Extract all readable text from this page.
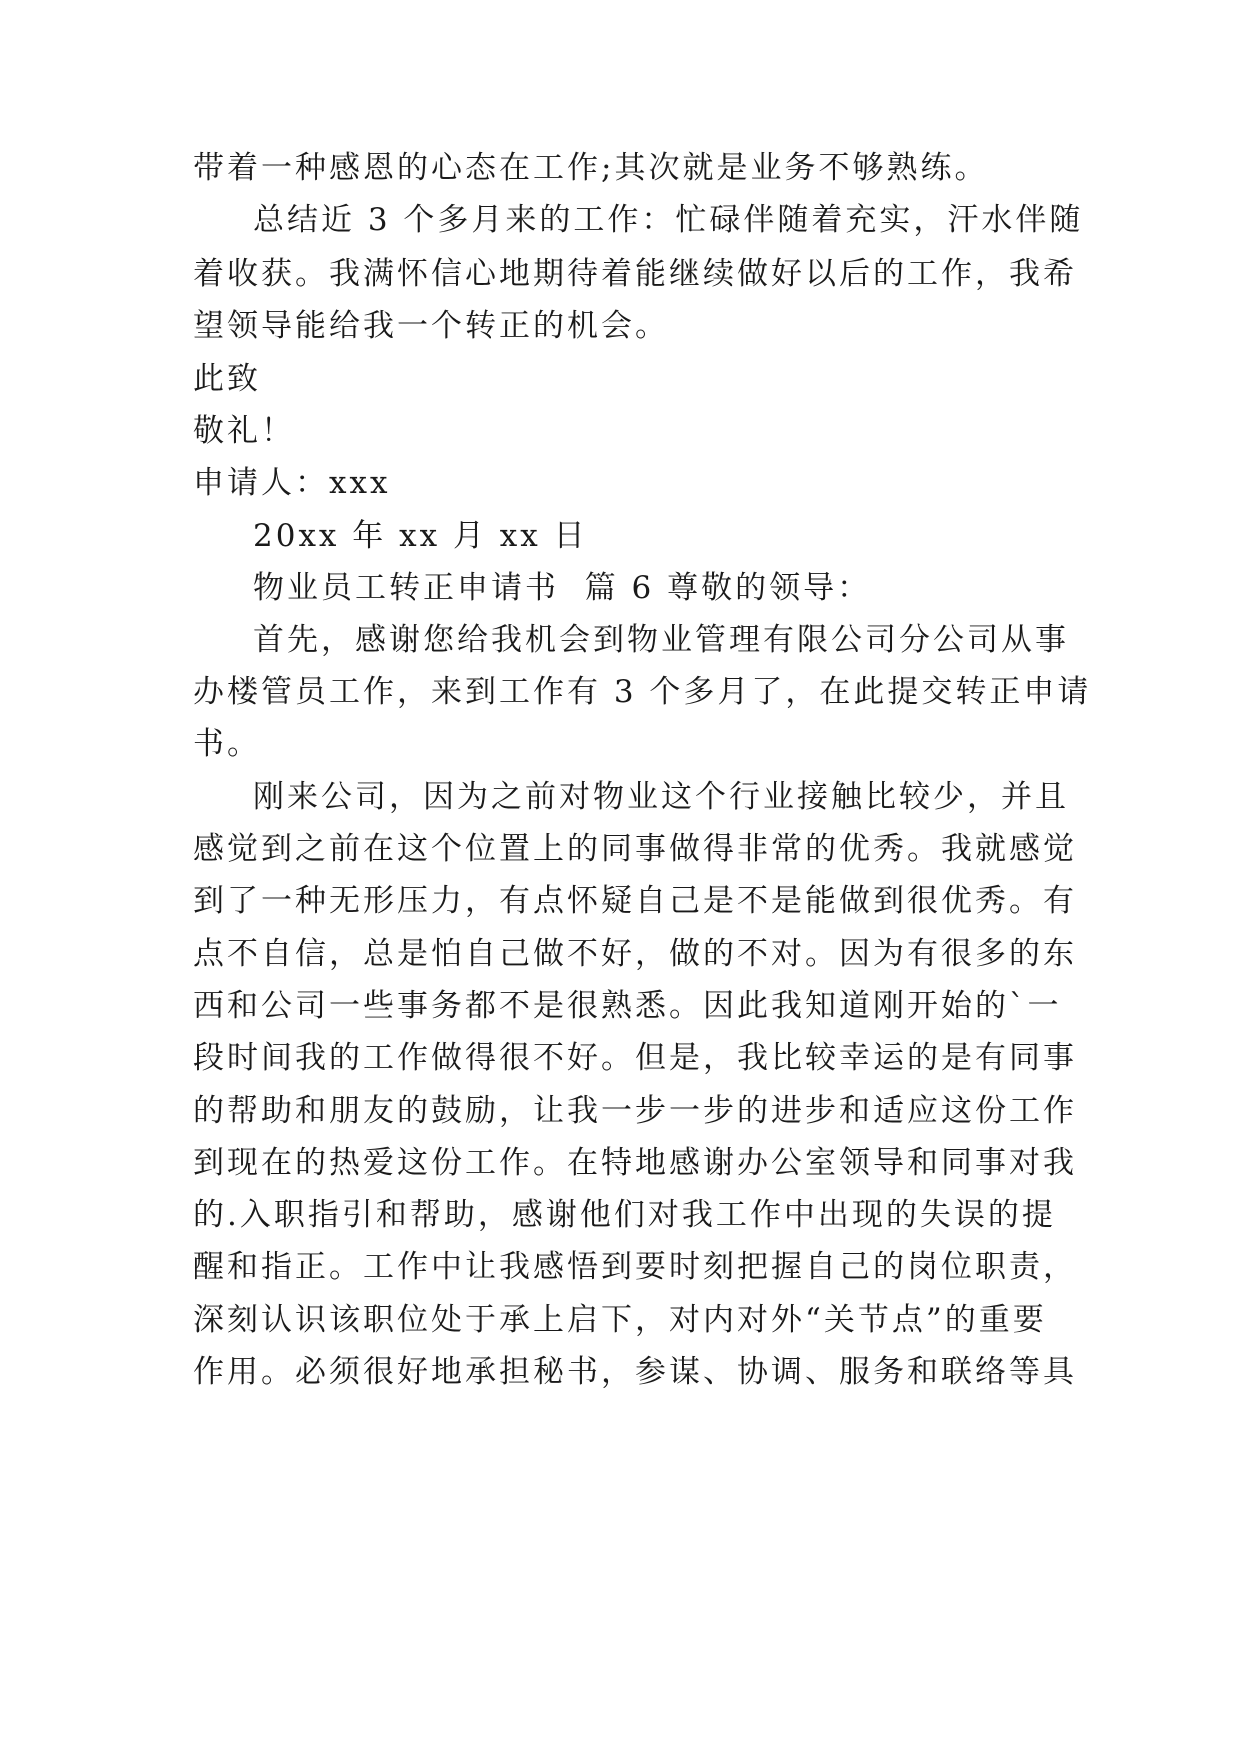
带着一种感恩的心态在工作;其次就是业务不够熟练。
总结近 3 个多月来的工作：忙碌伴随着充实，汗水伴随
着收获。我满怀信心地期待着能继续做好以后的工作，我希
望领导能给我一个转正的机会。
此致
敬礼！
申请人：xxx
20xx 年 xx 月 xx 日
物业员工转正申请书  篇 6 尊敬的领导：
首先，感谢您给我机会到物业管理有限公司分公司从事
办楼管员工作，来到工作有 3 个多月了，在此提交转正申请
书。
刚来公司，因为之前对物业这个行业接触比较少，并且
感觉到之前在这个位置上的同事做得非常的优秀。我就感觉
到了一种无形压力，有点怀疑自己是不是能做到很优秀。有
点不自信，总是怕自己做不好，做的不对。因为有很多的东
西和公司一些事务都不是很熟悉。因此我知道刚开始的`一
段时间我的工作做得很不好。但是，我比较幸运的是有同事
的帮助和朋友的鼓励，让我一步一步的进步和适应这份工作
到现在的热爱这份工作。在特地感谢办公室领导和同事对我
的.入职指引和帮助，感谢他们对我工作中出现的失误的提
醒和指正。工作中让我感悟到要时刻把握自己的岗位职责，
深刻认识该职位处于承上启下，对内对外“关节点”的重要
作用。必须很好地承担秘书，参谋、协调、服务和联络等具
